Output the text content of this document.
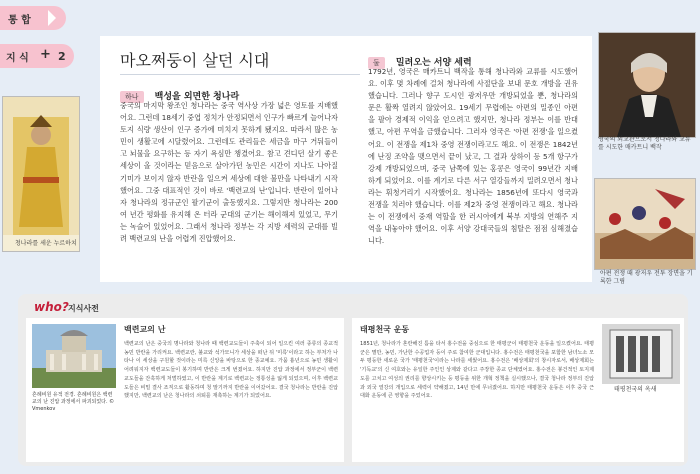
통 합
지 식 + 2
청나라를 세운 누르하치
마오쩌둥이 살던 시대
하나 백성을 외면한 청나라
중국의 마지막 왕조인 청나라는 중국 역사상 가장 넓은 영토를 지배했어요. 그런데 18세기 중엽 정치가 안정되면서 인구가 빠르게 늘어나자 토지 식량 생산이 인구 증가에 미치지 못하게 됐지요. 따라서 많은 농민이 생활고에 시달렸어요. 그런데도 관리들은 세금을 마구 거둬들이고 뇌물을 요구하는 등 자기 욕심만 챙겼어요. 참고 견디던 살기 좋은 세상이 올 것이라는 믿음으로 살아가던 농민은 시간이 지나도 나아질 기미가 보이지 않자 반란을 일으켜 세상에 대한 불만을 나타내기 시작했어요. 그중 대표적인 것이 바로 '백련교의 난'입니다. 반란이 일어나자 청나라의 정규군인 팔기군이 출동했지요. 그렇지만 청나라는 200여 년간 평화를 유지해 온 터라 군대의 군기는 해이해져 있었고, 무기는 녹슬어 있었어요. 그래서 청나라 정부는 각 지방 세력의 군대를 빌려 백련교의 난을 어렵게 진압했어요.
둘 밀려오는 서양 세력
1792년, 영국은 매카트니 백작을 통해 청나라와 교류를 시도했어요. 이후 몇 차례에 걸쳐 청나라에 사절단을 보내 문호 개방을 권유했습니다. 그러나 향구 도시인 광저우만 개방되었을 뿐, 청나라의 문은 활짝 열려지 않았어요. 19세기 무렵에는 아편의 밀종인 아편을 팔아 경제적 이익을 얻으려고 했지만, 청나라 정부는 이를 반대했고, 아편 무역을 금했습니다. 그러자 영국은 '아편 전쟁'을 일으켰어요. 이 전쟁을 제1차 중영 전쟁이라고도 해요. 이 전쟁은 1842년에 난징 조약을 맺으면서 끝이 났고, 그 결과 상하이 등 5개 항구가 강제 개방되었으며, 중국 남쪽에 있는 홍콩은 영국이 99년간 지배하게 되었어요. 이를 계기로 다른 서구 열강들까지 밀려오면서 청나라는 휘청거리기 시작했어요. 청나라는 1856년에 또다시 영국과 전쟁을 치러야 했습니다. 이를 제2차 중영 전쟁이라고 해요. 청나라는 이 전쟁에서 중재 역할을 한 러시아에게 북부 지방의 연해주 지역을 내놓아야 했어요. 이후 서양 강대국들의 침탈은 점점 심해졌습니다.
영국의 외교관으로서 청나라와 교류를 시도한 매카트니 백작
아편 전쟁 때 광저우 전투 장면을 기록한 그림
who? 지식사전
흔례비원 유적 전경. 흔례비원은 백련교의 난 진압 과정에서 파괴되었다. © Vmenkov
백련교의 난
백련교의 난은 중국의 명나라와 청나라 때 백련교도들이 주축이 되어 일으킨 여러 종류의 종교적 농민 반란을 가리켜요. 백련교란, 불교와 석가모니가 세상을 떠난 뒤 '미륵'이라고 하는 부처가 나타나 이 세상을 구원할 것이라는 미륵 신앙을 바탕으로 한 종교예요. 가뭄 흉년으로 농민 생활이 어려워지자 백련교도들이 봉기하며 반란은 크게 번졌어요. 하지만 진압 과정에서 정부군이 백련교도들을 잔혹하게 처벌하였고, 이 반란을 계기로 백련교는 정통성을 잃게 되었으며, 이후 백련교도들은 비밀 결사 조직으로 활동하며 청 말기까지 반란을 이어갔어요. 결국 청나라는 반란을 진압했지만, 백련교의 난은 청나라의 쇠퇴를 재촉하는 계기가 되었어요.
태평천국 운동
1851년, 청나라가 혼란해진 틈을 타서 홍수전을 중심으로 한 태평군이 태평천국 운동을 일으켰어요. 태평군은 멸만, 농민, 가난한 수공업자 등이 주로 참여한 군대입니다. 홍수전은 태평천국을 포함한 남녀노소 모두 평등한 새로운 국가 '태평천국'이라는 나라를 세웠어요. 홍수전은 '배상제회'의 창시자로서, 배상제회는 '기독교'의 신 여호와는 유일한 주인인 상제와 같다고 주장한 종교 단체였어요. 홍수전은 봉건적인 토지제도를 고치고 여성의 권리를 향상시키는 등 평등을 위한 개혁 정책을 실시했으나, 결국 청나라 정부의 진압과 외국 열강의 개입으로 세력이 약해졌고, 14년 만에 무너졌어요. 하지만 태평천국 운동은 이후 중국 근대화 운동에 큰 영향을 주었어요.
태평천국의 옥새
